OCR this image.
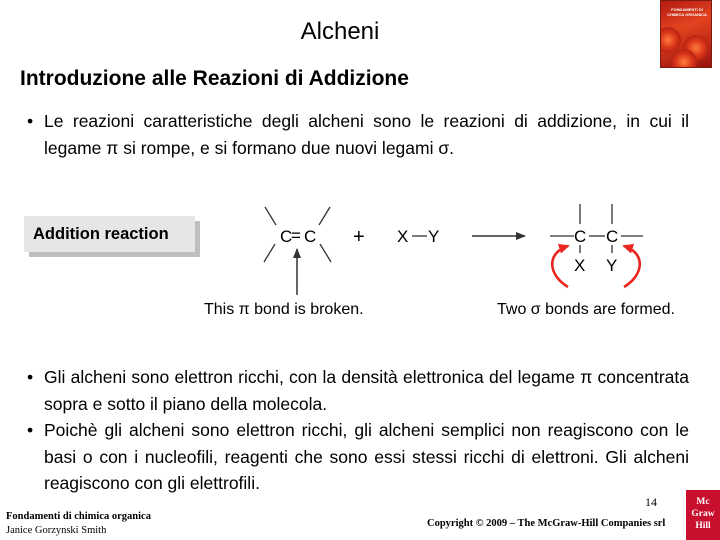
Alcheni
FONDAMENTI DI CHIMICA ORGANICA
Introduzione alle Reazioni di Addizione
• Le reazioni caratteristiche degli alcheni sono le reazioni di addizione, in cui il legame π si rompe, e si formano due nuovi legami σ.
Addition reaction	C
= C + X Y	C C
X Y
This π bond is broken.	Two σ bonds are formed.
• Gli alcheni sono elettron ricchi, con la densità elettronica del legame π concentrata sopra e sotto il piano della molecola.
• Poichè gli alcheni sono elettron ricchi, gli alcheni semplici non reagiscono con le basi o con i nucleofili, reagenti che sono essi stessi ricchi di elettroni. Gli alcheni reagiscono con gli elettrofili.
Fondamenti di chimica organica
Janice Gorzynski Smith
14
Copyright © 2009 – The McGraw-Hill Companies srl
Mc
Graw
Hill
